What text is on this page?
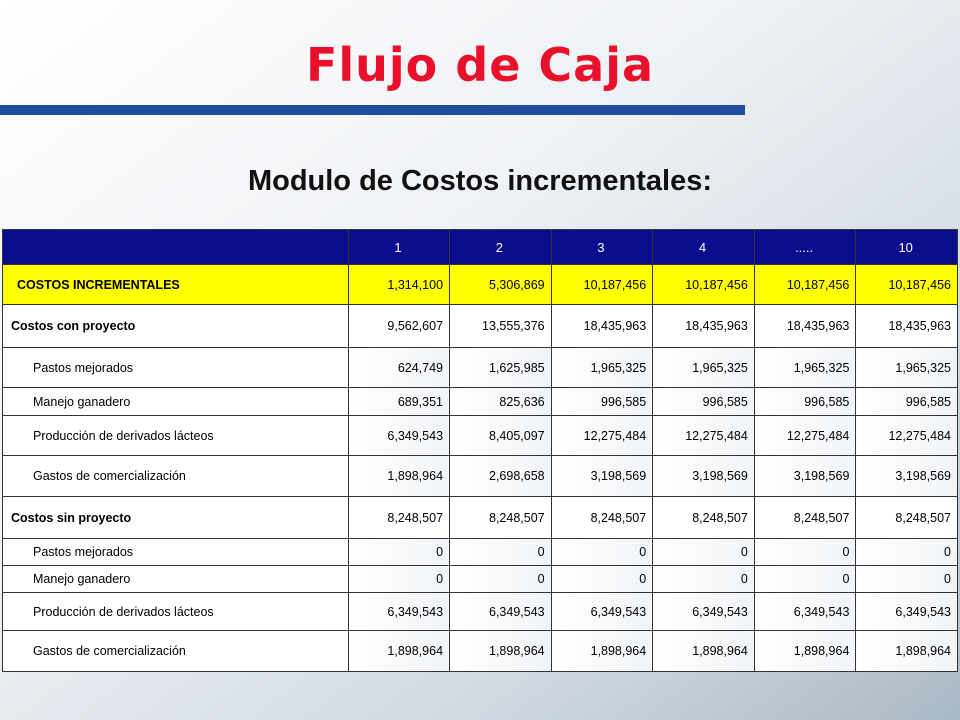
Flujo de Caja
Modulo de Costos incrementales:
	1	2	3	4	.....	10
COSTOS INCREMENTALES	1,314,100	5,306,869	10,187,456	10,187,456	10,187,456	10,187,456
Costos con proyecto	9,562,607	13,555,376	18,435,963	18,435,963	18,435,963	18,435,963
Pastos mejorados	624,749	1,625,985	1,965,325	1,965,325	1,965,325	1,965,325
Manejo ganadero	689,351	825,636	996,585	996,585	996,585	996,585
Producción de derivados lácteos	6,349,543	8,405,097	12,275,484	12,275,484	12,275,484	12,275,484
Gastos de comercialización	1,898,964	2,698,658	3,198,569	3,198,569	3,198,569	3,198,569
Costos sin proyecto	8,248,507	8,248,507	8,248,507	8,248,507	8,248,507	8,248,507
Pastos mejorados	0	0	0	0	0	0
Manejo ganadero	0	0	0	0	0	0
Producción de derivados lácteos	6,349,543	6,349,543	6,349,543	6,349,543	6,349,543	6,349,543
Gastos de comercialización	1,898,964	1,898,964	1,898,964	1,898,964	1,898,964	1,898,964
